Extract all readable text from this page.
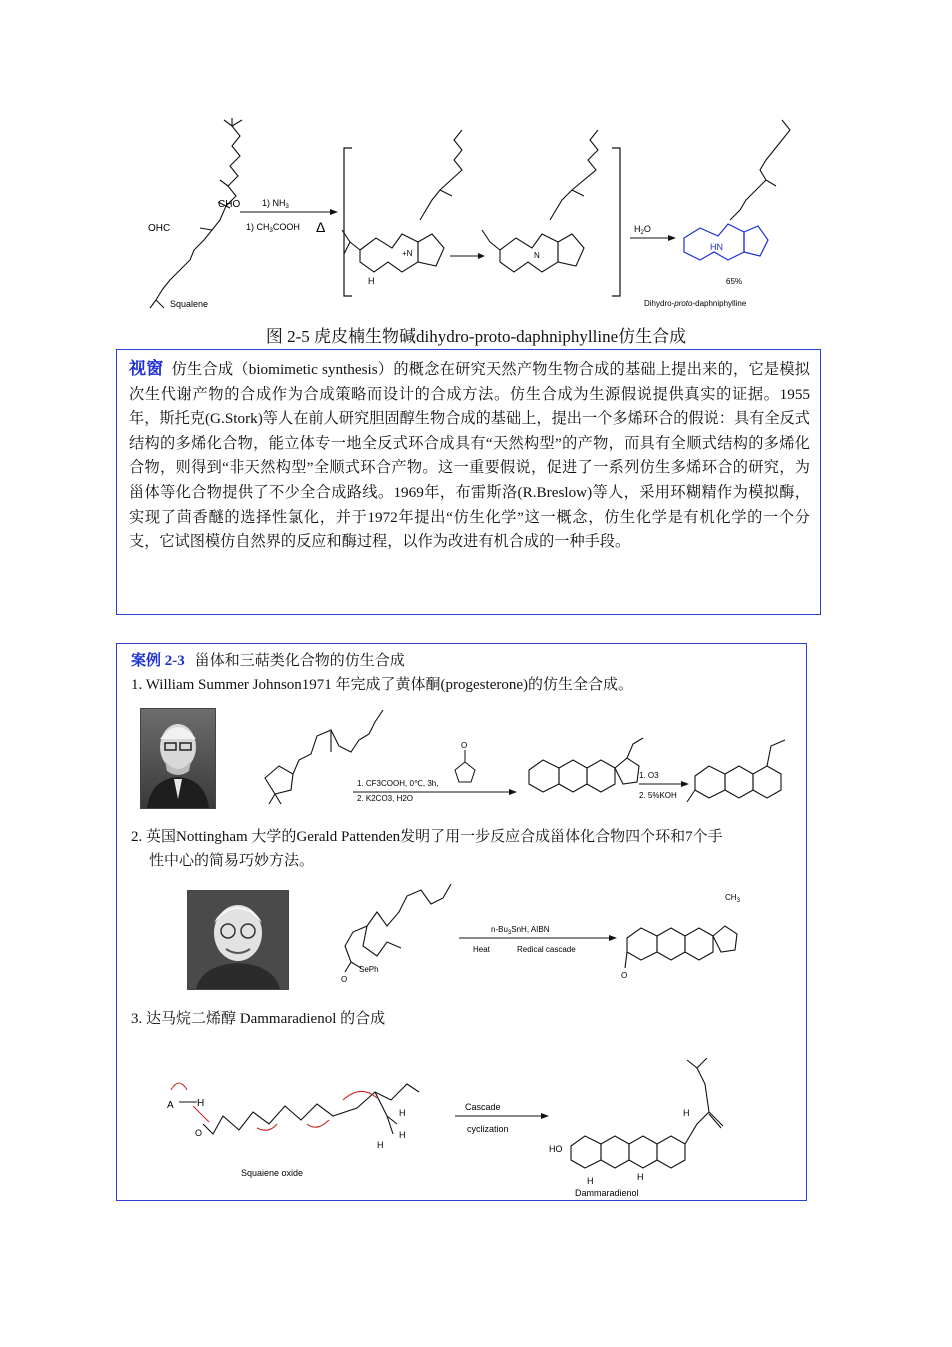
CHO
OHC
Squalene
1) $NH_3$
1) $CH_3COOH$ Δ
H
+N	N
$H_2O$
HN
65%
Dihydro-proto-daphniphylline
图 2-5 虎皮楠生物碱dihydro-proto-daphniphylline仿生合成

视窗 仿生合成（biomimetic synthesis）的概念在研究天然产物生物合成的基础上提出来的，它是模拟次生代谢产物的合成作为合成策略而设计的合成方法。仿生合成为生源假说提供真实的证据。1955年，斯托克(G.Stork)等人在前人研究胆固醇生物合成的基础上，提出一个多烯环合的假说：具有全反式结构的多烯化合物，能立体专一地全反式环合成具有“天然构型”的产物，而具有全顺式结构的多烯化合物，则得到“非天然构型”全顺式环合产物。这一重要假说，促进了一系列仿生多烯环合的研究，为甾体等化合物提供了不少全合成路线。1969年，布雷斯洛(R.Breslow)等人，采用环糊精作为模拟酶，实现了茴香醚的选择性氯化，并于1972年提出“仿生化学”这一概念，仿生化学是有机化学的一个分支，它试图模仿自然界的反应和酶过程，以作为改进有机合成的一种手段。

案例 2-3 甾体和三萜类化合物的仿生合成
1. William Summer Johnson1971 年完成了黄体酮(progesterone)的仿生全合成。
1. CF3COOH, 0℃, 3h,
2. K2CO3, H2O
O
1. O3
2. 5%KOH
2. 英国Nottingham 大学的Gerald Pattenden发明了用一步反应合成甾体化合物四个环和7个手
性中心的简易巧妙方法。
SePh
O
$n-Bu_3SnH$, AIBN
Heat	Redical cascade
$CH_3$
O
3. 达马烷二烯醇 Dammaradienol 的合成
A H
O
H
H
H
Squaiene oxide
Cascade
cyclization
HO
H
H
H
Dammaradienol
